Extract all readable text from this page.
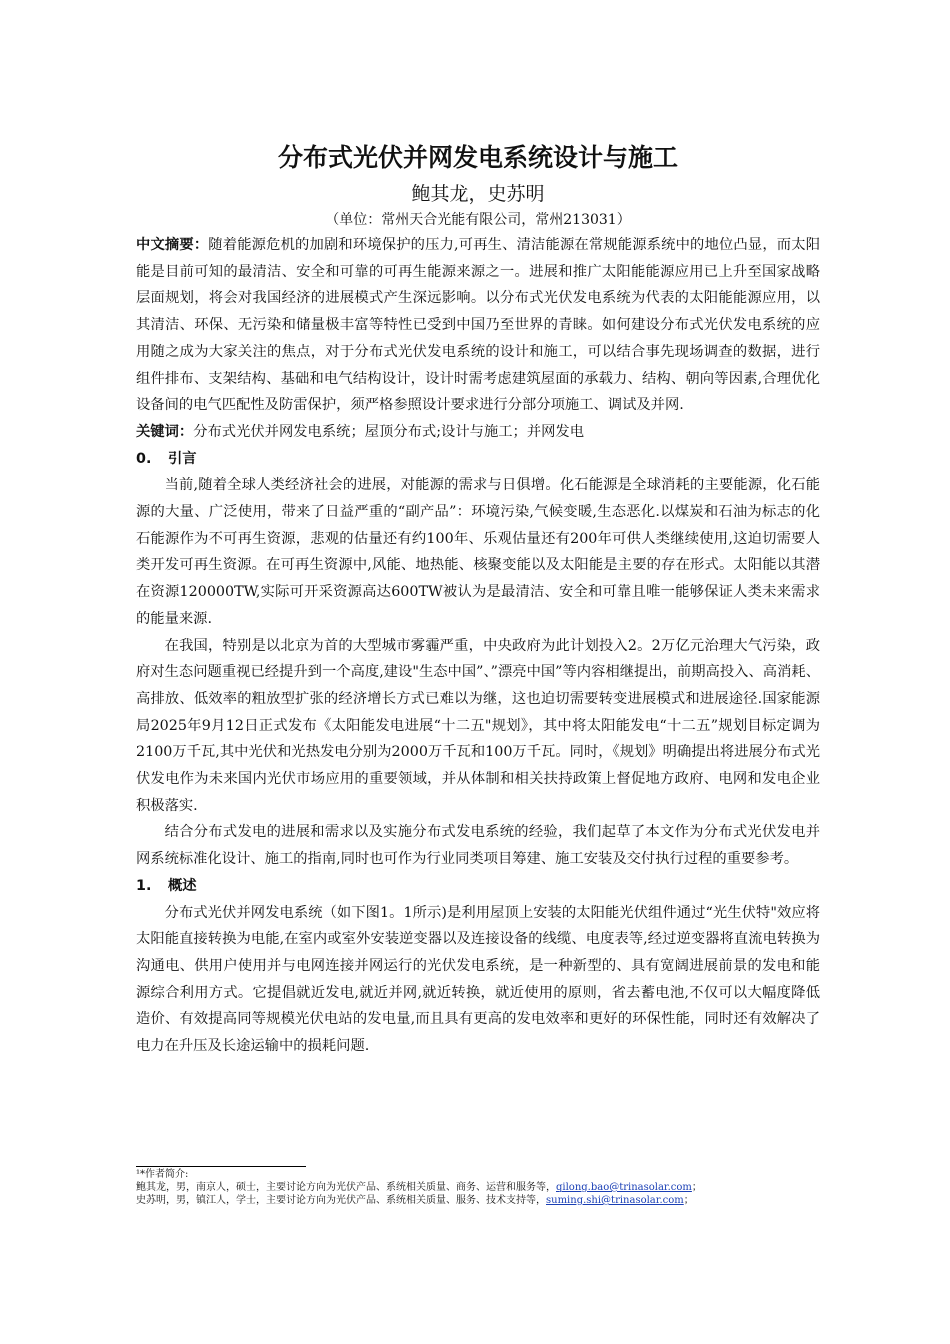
分布式光伏并网发电系统设计与施工

鲍其龙，史苏明

（单位：常州天合光能有限公司，常州213031）

中文摘要：随着能源危机的加剧和环境保护的压力,可再生、清洁能源在常规能源系统中的地位凸显，而太阳能是目前可知的最清洁、安全和可靠的可再生能源来源之一。进展和推广太阳能能源应用已上升至国家战略层面规划，将会对我国经济的进展模式产生深远影响。以分布式光伏发电系统为代表的太阳能能源应用，以其清洁、环保、无污染和储量极丰富等特性已受到中国乃至世界的青睐。如何建设分布式光伏发电系统的应用随之成为大家关注的焦点，对于分布式光伏发电系统的设计和施工，可以结合事先现场调查的数据，进行组件排布、支架结构、基础和电气结构设计，设计时需考虑建筑屋面的承载力、结构、朝向等因素,合理优化设备间的电气匹配性及防雷保护，须严格参照设计要求进行分部分项施工、调试及并网.

关键词：分布式光伏并网发电系统；屋顶分布式;设计与施工；并网发电

0. 引言

当前,随着全球人类经济社会的进展，对能源的需求与日俱增。化石能源是全球消耗的主要能源，化石能源的大量、广泛使用，带来了日益严重的“副产品”：环境污染,气候变暖,生态恶化.以煤炭和石油为标志的化石能源作为不可再生资源，悲观的估量还有约100年、乐观估量还有200年可供人类继续使用,这迫切需要人类开发可再生资源。在可再生资源中,风能、地热能、核聚变能以及太阳能是主要的存在形式。太阳能以其潜在资源120000TW,实际可开采资源高达600TW被认为是最清洁、安全和可靠且唯一能够保证人类未来需求的能量来源.

在我国，特别是以北京为首的大型城市雾霾严重，中央政府为此计划投入2。2万亿元治理大气污染，政府对生态问题重视已经提升到一个高度,建设"生态中国”、”漂亮中国”等内容相继提出，前期高投入、高消耗、高排放、低效率的粗放型扩张的经济增长方式已难以为继，这也迫切需要转变进展模式和进展途径.国家能源局2025年9月12日正式发布《太阳能发电进展“十二五"规划》，其中将太阳能发电“十二五”规划目标定调为2100万千瓦,其中光伏和光热发电分别为2000万千瓦和100万千瓦。同时，《规划》明确提出将进展分布式光伏发电作为未来国内光伏市场应用的重要领域，并从体制和相关扶持政策上督促地方政府、电网和发电企业积极落实.

结合分布式发电的进展和需求以及实施分布式发电系统的经验，我们起草了本文作为分布式光伏发电并网系统标准化设计、施工的指南,同时也可作为行业同类项目筹建、施工安装及交付执行过程的重要参考。

1. 概述

分布式光伏并网发电系统（如下图1。1所示)是利用屋顶上安装的太阳能光伏组件通过“光生伏特"效应将太阳能直接转换为电能,在室内或室外安装逆变器以及连接设备的线缆、电度表等,经过逆变器将直流电转换为沟通电、供用户使用并与电网连接并网运行的光伏发电系统，是一种新型的、具有宽阔进展前景的发电和能源综合利用方式。它提倡就近发电,就近并网,就近转换，就近使用的原则，省去蓄电池,不仅可以大幅度降低造价、有效提高同等规模光伏电站的发电量,而且具有更高的发电效率和更好的环保性能，同时还有效解决了电力在升压及长途运输中的损耗问题.

¹*作者简介:

鲍其龙，男，南京人，硕士，主要讨论方向为光伏产品、系统相关质量、商务、运营和服务等，qilong.bao@trinasolar.com；

史苏明，男，镇江人，学士，主要讨论方向为光伏产品、系统相关质量、服务、技术支持等，suming.shi@trinasolar.com；
